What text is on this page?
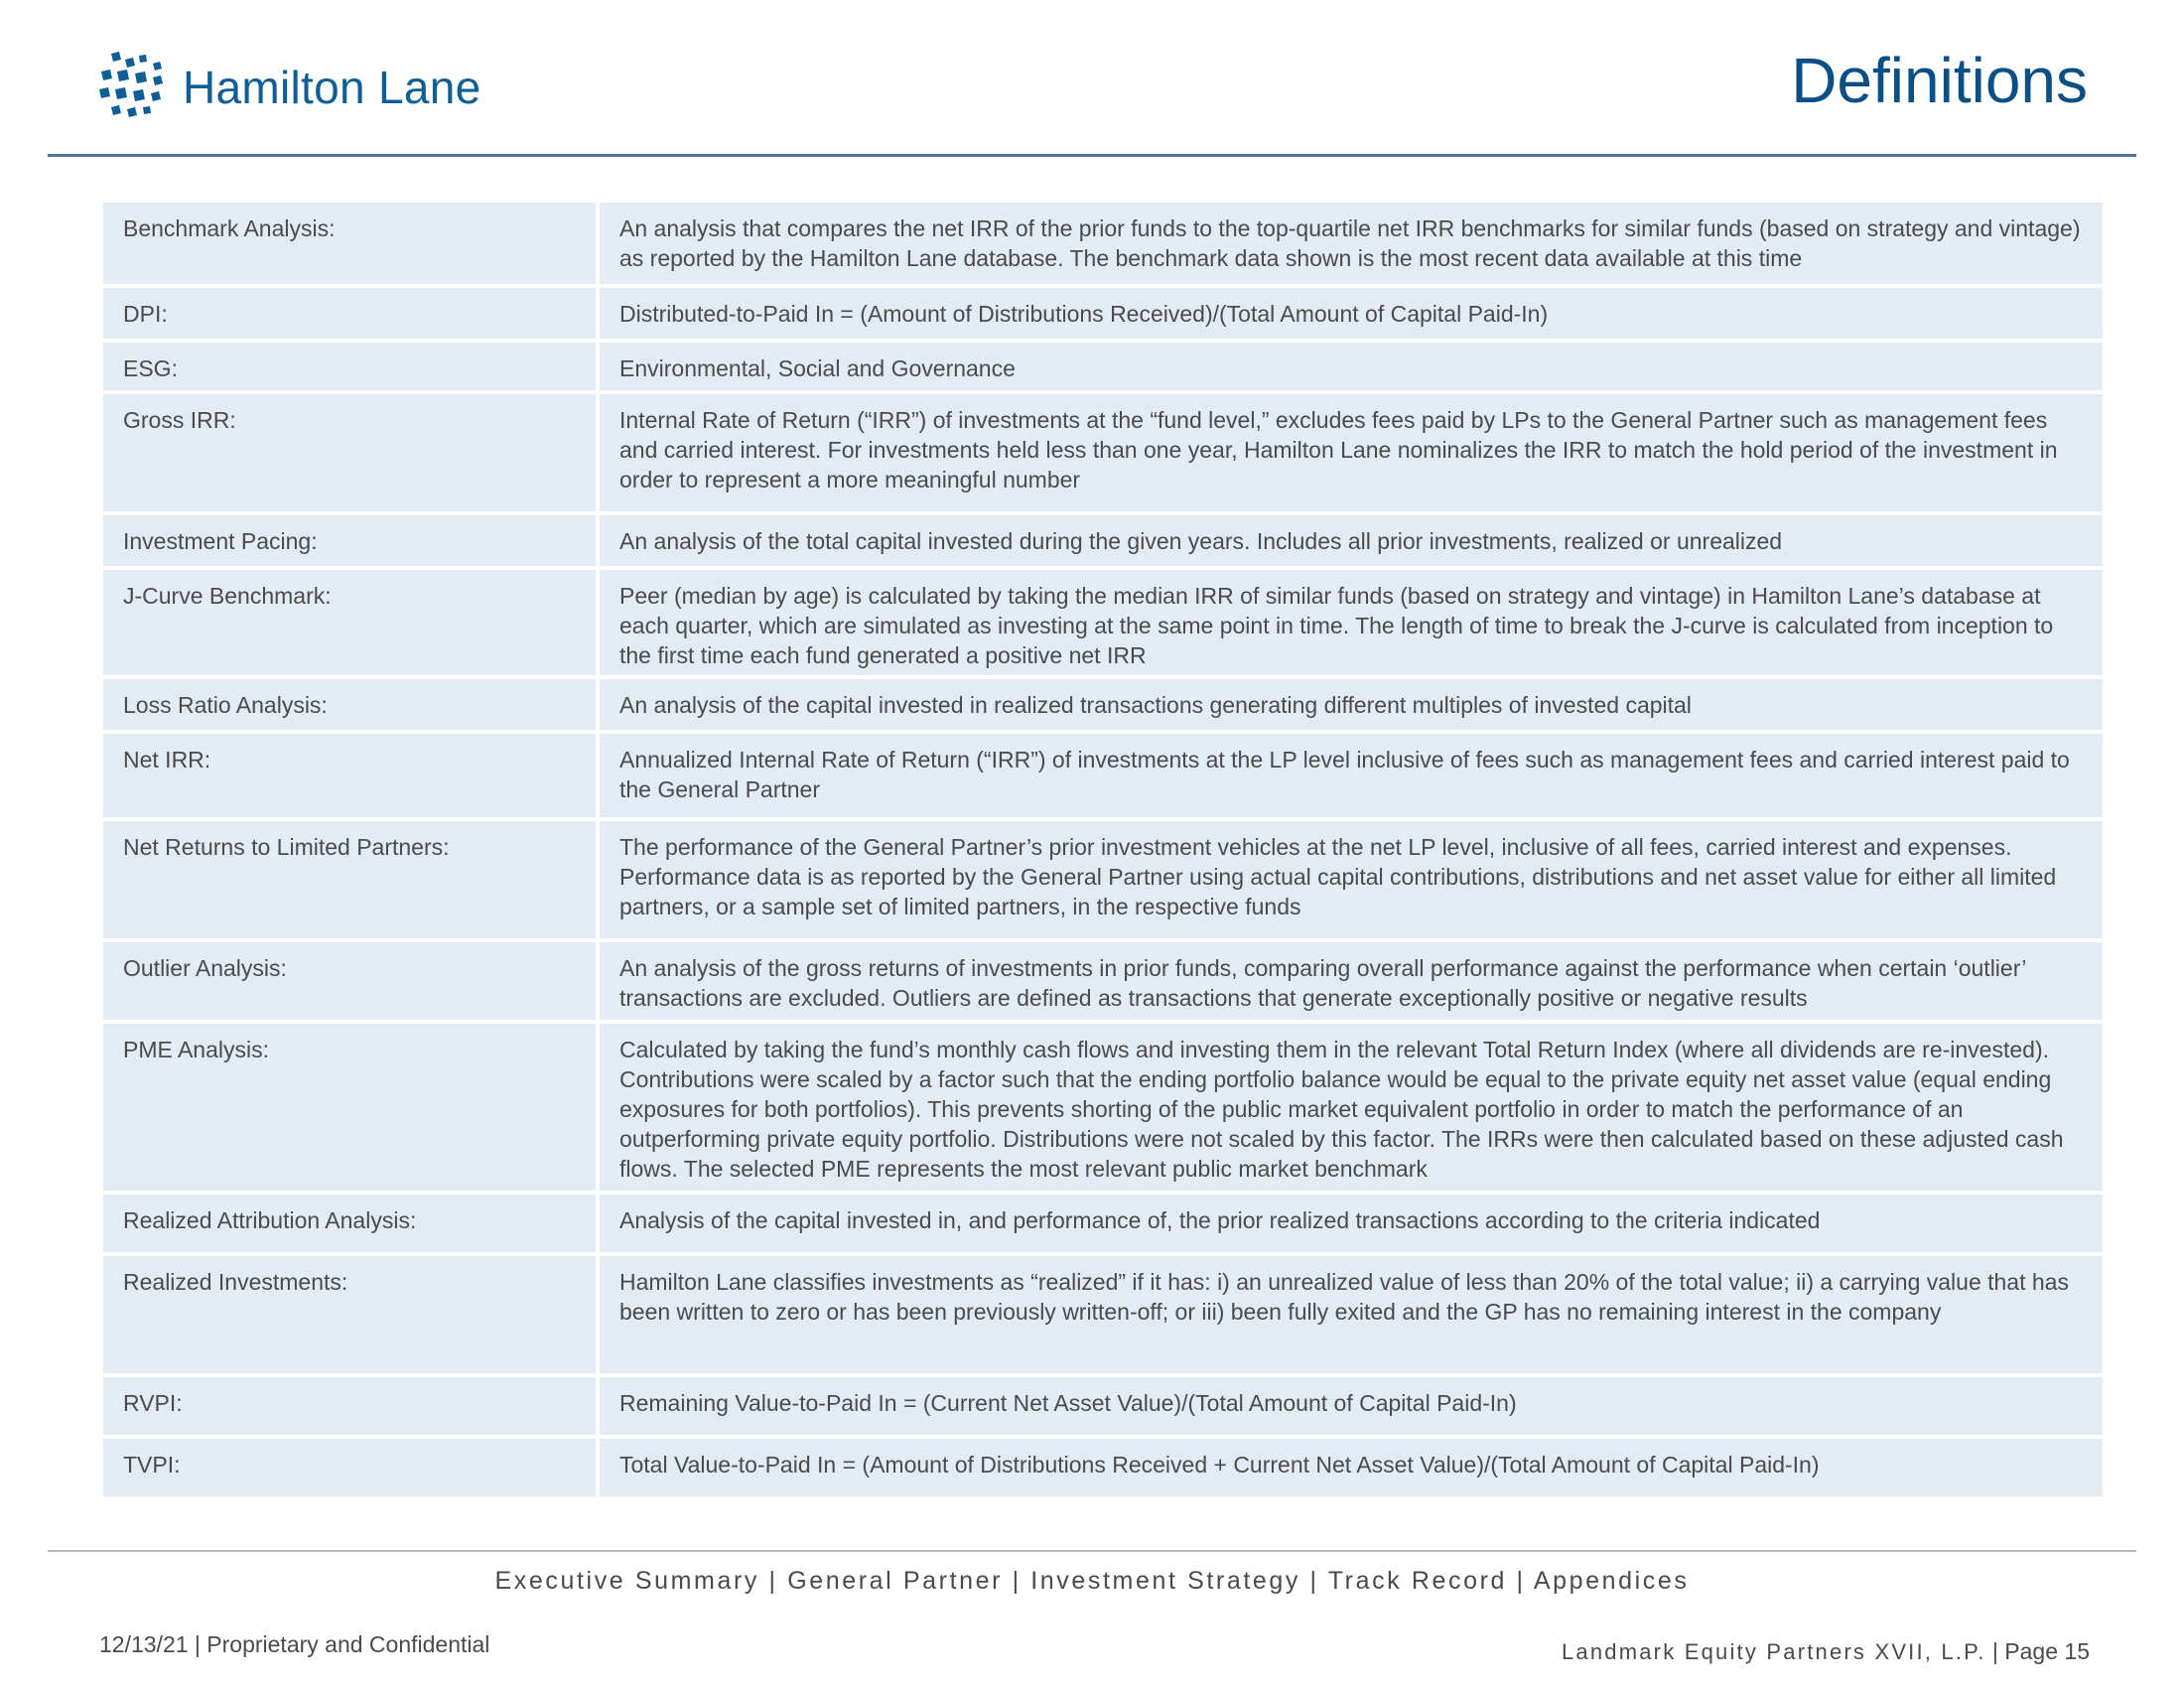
Hamilton Lane	Definitions
Benchmark Analysis:	An analysis that compares the net IRR of the prior funds to the top-quartile net IRR benchmarks for similar funds (based on strategy and vintage) as reported by the Hamilton Lane database. The benchmark data shown is the most recent data available at this time
DPI:	Distributed-to-Paid In = (Amount of Distributions Received)/(Total Amount of Capital Paid-In)
ESG:	Environmental, Social and Governance
Gross IRR:	Internal Rate of Return (“IRR”) of investments at the “fund level,” excludes fees paid by LPs to the General Partner such as management fees and carried interest. For investments held less than one year, Hamilton Lane nominalizes the IRR to match the hold period of the investment in order to represent a more meaningful number
Investment Pacing:	An analysis of the total capital invested during the given years. Includes all prior investments, realized or unrealized
J-Curve Benchmark:	Peer (median by age) is calculated by taking the median IRR of similar funds (based on strategy and vintage) in Hamilton Lane’s database at each quarter, which are simulated as investing at the same point in time. The length of time to break the J-curve is calculated from inception to the first time each fund generated a positive net IRR
Loss Ratio Analysis:	An analysis of the capital invested in realized transactions generating different multiples of invested capital
Net IRR:	Annualized Internal Rate of Return (“IRR”) of investments at the LP level inclusive of fees such as management fees and carried interest paid to the General Partner
Net Returns to Limited Partners:	The performance of the General Partner’s prior investment vehicles at the net LP level, inclusive of all fees, carried interest and expenses. Performance data is as reported by the General Partner using actual capital contributions, distributions and net asset value for either all limited partners, or a sample set of limited partners, in the respective funds
Outlier Analysis:	An analysis of the gross returns of investments in prior funds, comparing overall performance against the performance when certain ‘outlier’ transactions are excluded. Outliers are defined as transactions that generate exceptionally positive or negative results
PME Analysis:	Calculated by taking the fund’s monthly cash flows and investing them in the relevant Total Return Index (where all dividends are re-invested). Contributions were scaled by a factor such that the ending portfolio balance would be equal to the private equity net asset value (equal ending exposures for both portfolios). This prevents shorting of the public market equivalent portfolio in order to match the performance of an outperforming private equity portfolio. Distributions were not scaled by this factor. The IRRs were then calculated based on these adjusted cash flows. The selected PME represents the most relevant public market benchmark
Realized Attribution Analysis:	Analysis of the capital invested in, and performance of, the prior realized transactions according to the criteria indicated
Realized Investments:	Hamilton Lane classifies investments as “realized” if it has: i) an unrealized value of less than 20% of the total value; ii) a carrying value that has been written to zero or has been previously written-off; or iii) been fully exited and the GP has no remaining interest in the company
RVPI:	Remaining Value-to-Paid In = (Current Net Asset Value)/(Total Amount of Capital Paid-In)
TVPI:	Total Value-to-Paid In = (Amount of Distributions Received + Current Net Asset Value)/(Total Amount of Capital Paid-In)
Executive Summary | General Partner | Investment Strategy | Track Record | Appendices
12/13/21 | Proprietary and Confidential	Landmark Equity Partners XVII, L.P. | Page 15
